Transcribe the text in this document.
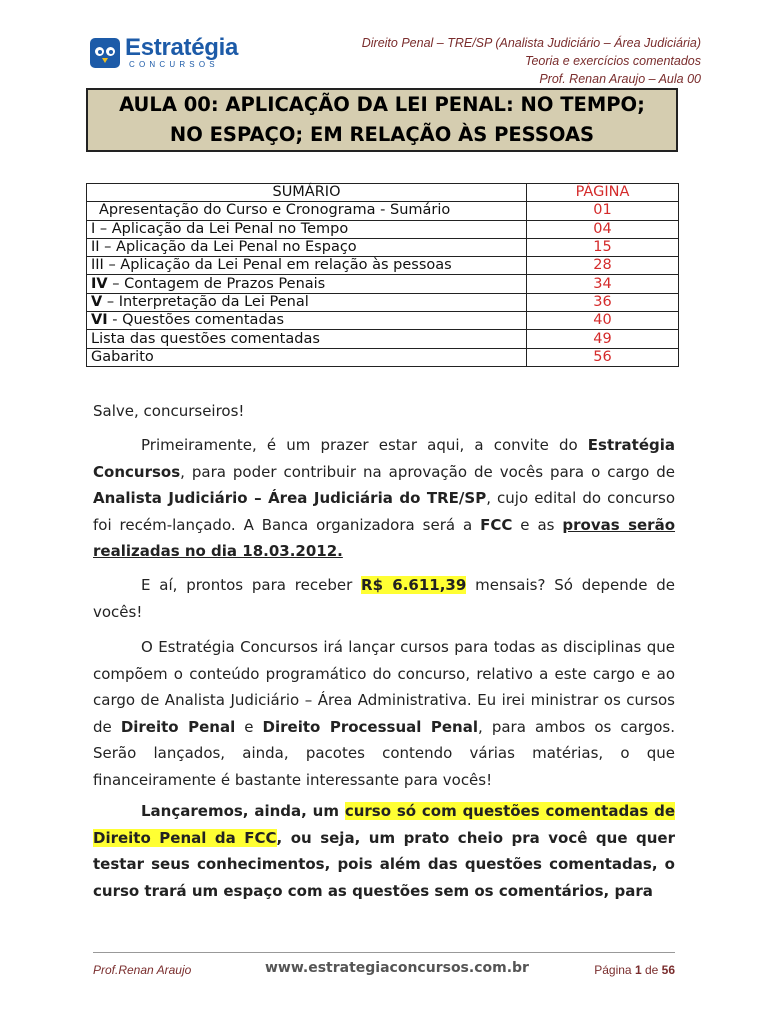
Estratégia
CONCURSOS
Direito Penal – TRE/SP (Analista Judiciário – Área Judiciária)
Teoria e exercícios comentados
Prof. Renan Araujo – Aula 00
AULA 00: APLICAÇÃO DA LEI PENAL: NO TEMPO;
NO ESPAÇO; EM RELAÇÃO ÀS PESSOAS
SUMÁRIO	PÁGINA
Apresentação do Curso e Cronograma - Sumário	01
I – Aplicação da Lei Penal no Tempo	04
II – Aplicação da Lei Penal no Espaço	15
III – Aplicação da Lei Penal em relação às pessoas	28
IV – Contagem de Prazos Penais	34
V – Interpretação da Lei Penal	36
VI - Questões comentadas	40
Lista das questões comentadas	49
Gabarito	56
Salve, concurseiros!

Primeiramente, é um prazer estar aqui, a convite do Estratégia Concursos, para poder contribuir na aprovação de vocês para o cargo de Analista Judiciário – Área Judiciária do TRE/SP, cujo edital do concurso foi recém-lançado. A Banca organizadora será a FCC e as provas serão realizadas no dia 18.03.2012.

E aí, prontos para receber R$ 6.611,39 mensais? Só depende de vocês!

O Estratégia Concursos irá lançar cursos para todas as disciplinas que compõem o conteúdo programático do concurso, relativo a este cargo e ao cargo de Analista Judiciário – Área Administrativa. Eu irei ministrar os cursos de Direito Penal e Direito Processual Penal, para ambos os cargos. Serão lançados, ainda, pacotes contendo várias matérias, o que financeiramente é bastante interessante para vocês!

Lançaremos, ainda, um curso só com questões comentadas de Direito Penal da FCC, ou seja, um prato cheio pra você que quer testar seus conhecimentos, pois além das questões comentadas, o curso trará um espaço com as questões sem os comentários, para

Prof.Renan Araujo	www.estrategiaconcursos.com.br	Página 1 de 56
